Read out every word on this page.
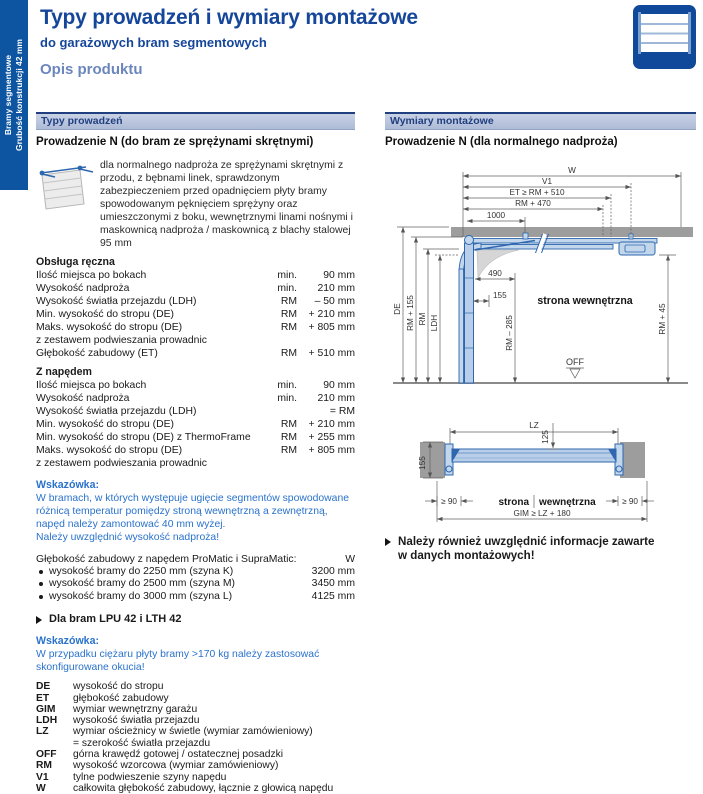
Bramy segmentowe Grubość konstrukcji 42 mm
Typy prowadzeń i wymiary montażowe
do garażowych bram segmentowych
Opis produktu
Typy prowadzeń
Prowadzenie N (do bram ze sprężynami skrętnymi)
dla normalnego nadproża ze sprężynami skrętnymi z przodu, z bębnami linek, sprawdzonym zabezpieczeniem przed opadnięciem płyty bramy spowodowanym pęknięciem sprężyny oraz umieszczonymi z boku, wewnętrznymi linami nośnymi i maskownicą nadproża / maskownicą z blachy stalowej 95 mm
Obsługa ręczna
Ilość miejsca po bokach	min.	90 mm
Wysokość nadproża	min.	210 mm
Wysokość światła przejazdu (LDH)	RM	– 50 mm
Min. wysokość do stropu (DE)	RM	+ 210 mm
Maks. wysokość do stropu (DE)	RM	+ 805 mm
z zestawem podwieszania prowadnic
Głębokość zabudowy (ET)	RM	+ 510 mm
Z napędem
Ilość miejsca po bokach	min.	90 mm
Wysokość nadproża	min.	210 mm
Wysokość światła przejazdu (LDH)	= RM
Min. wysokość do stropu (DE)	RM	+ 210 mm
Min. wysokość do stropu (DE) z ThermoFrame	RM	+ 255 mm
Maks. wysokość do stropu (DE)	RM	+ 805 mm
z zestawem podwieszania prowadnic
Wskazówka:
W bramach, w których występuje ugięcie segmentów spowodowane różnicą temperatur pomiędzy stroną wewnętrzną a zewnętrzną, napęd należy zamontować 40 mm wyżej.
Należy uwzględnić wysokość nadproża!
Głębokość zabudowy z napędem ProMatic i SupraMatic:	W
wysokość bramy do 2250 mm (szyna K)	3200 mm
wysokość bramy do 2500 mm (szyna M)	3450 mm
wysokość bramy do 3000 mm (szyna L)	4125 mm
Dla bram LPU 42 i LTH 42
Wskazówka:
W przypadku ciężaru płyty bramy >170 kg należy zastosować
skonfigurowane okucia!
DE	wysokość do stropu
ET	głębokość zabudowy
GIM	wymiar wewnętrzny garażu
LDH	wysokość światła przejazdu
LZ	wymiar ościeżnicy w świetle (wymiar zamówieniowy)
= szerokość światła przejazdu
OFF	górna krawędź gotowej / ostatecznej posadzki
RM	wysokość wzorcowa (wymiar zamówieniowy)
V1	tylne podwieszenie szyny napędu
W	całkowita głębokość zabudowy, łącznie z głowicą napędu
Wymiary montażowe
Prowadzenie N (dla normalnego nadproża)
W
V1
ET ≥ RM + 510
RM + 470
1000
DE RM + 155 RM LDH
490
155
RM – 285	RM + 45
OFF
strona wewnętrzna
LZ
125
155
≥ 90	≥ 90
GIM ≥ LZ + 180
strona wewnętrzna
Należy również uwzględnić informacje zawarte
w danych montażowych!
